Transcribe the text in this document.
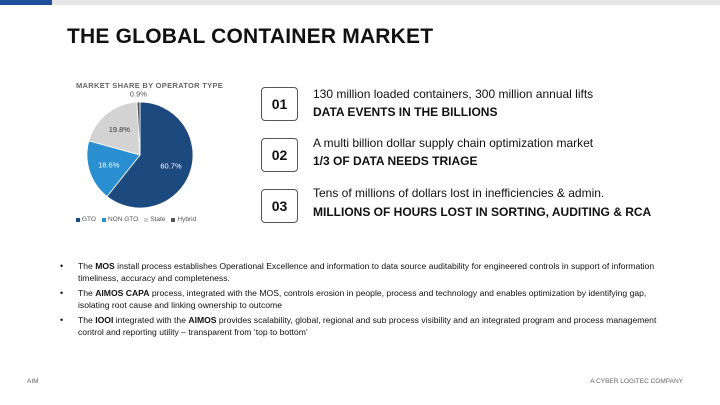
THE GLOBAL CONTAINER MARKET
MARKET SHARE BY OPERATOR TYPE
60.7%
18.6%
19.8%
0.9%
GTO NON GTO State Hybrid
01
130 million loaded containers, 300 million annual lifts
DATA EVENTS IN THE BILLIONS
02
A multi billion dollar supply chain optimization market
1/3 OF DATA NEEDS TRIAGE
03
Tens of millions of dollars lost in inefficiencies & admin.
MILLIONS OF HOURS LOST IN SORTING, AUDITING & RCA
• The MOS install process establishes Operational Excellence and information to data source auditability for engineered controls in support of information timeliness, accuracy and completeness.
• The AIMOS CAPA process, integrated with the MOS, controls erosion in people, process and technology and enables optimization by identifying gap, isolating root cause and linking ownership to outcome
• The IOOI integrated with the AIMOS provides scalability, global, regional and sub process visibility and an integrated program and process management control and reporting utility – transparent from ‘top to bottom’
AIM	A CYBER LOGITEC COMPANY
